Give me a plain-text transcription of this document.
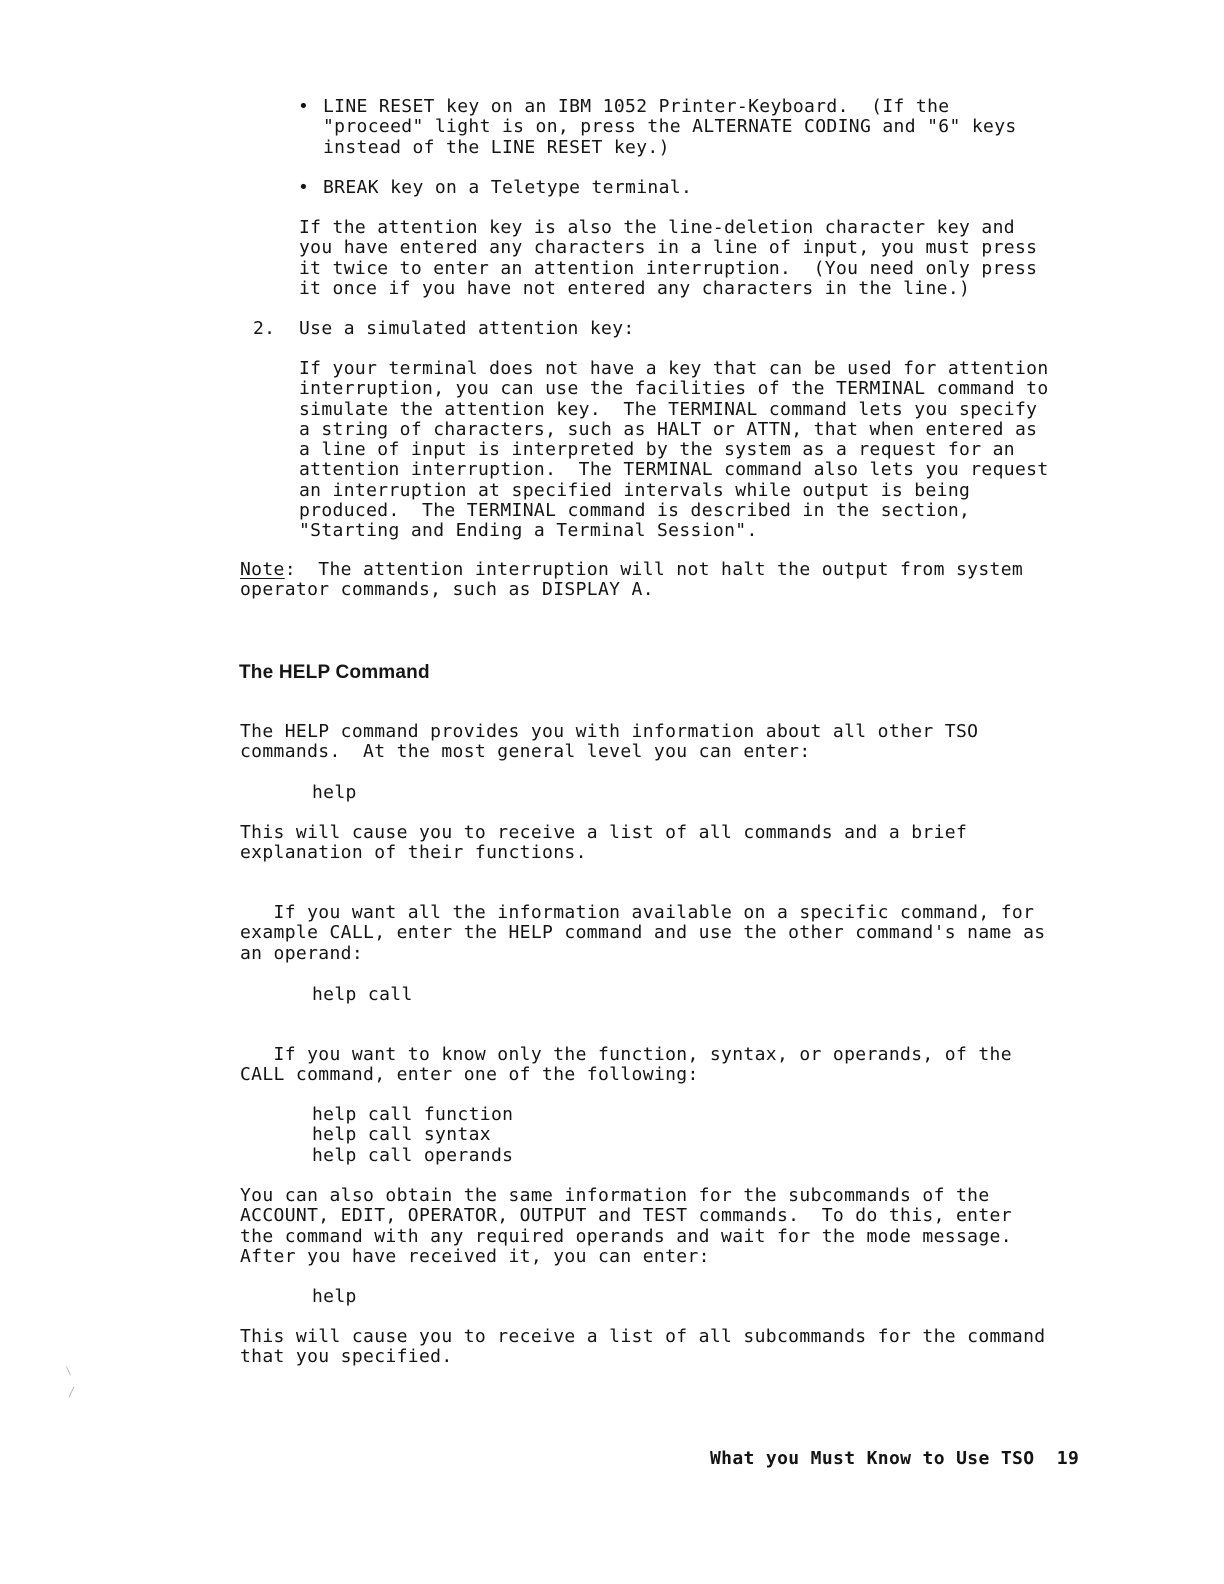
• LINE RESET key on an IBM 1052 Printer-Keyboard.  (If the
"proceed" light is on, press the ALTERNATE CODING and "6" keys
instead of the LINE RESET key.)
• BREAK key on a Teletype terminal.
If the attention key is also the line-deletion character key and
you have entered any characters in a line of input, you must press
it twice to enter an attention interruption.  (You need only press
it once if you have not entered any characters in the line.)
2. Use a simulated attention key:
If your terminal does not have a key that can be used for attention
interruption, you can use the facilities of the TERMINAL command to
simulate the attention key.  The TERMINAL command lets you specify
a string of characters, such as HALT or ATTN, that when entered as
a line of input is interpreted by the system as a request for an
attention interruption.  The TERMINAL command also lets you request
an interruption at specified intervals while output is being
produced.  The TERMINAL command is described in the section,
"Starting and Ending a Terminal Session".
Note:  The attention interruption will not halt the output from system
operator commands, such as DISPLAY A.
The HELP Command
The HELP command provides you with information about all other TSO
commands.  At the most general level you can enter:
help
This will cause you to receive a list of all commands and a brief
explanation of their functions.
If you want all the information available on a specific command, for
example CALL, enter the HELP command and use the other command's name as
an operand:
help call
If you want to know only the function, syntax, or operands, of the
CALL command, enter one of the following:
help call function
help call syntax
help call operands
You can also obtain the same information for the subcommands of the
ACCOUNT, EDIT, OPERATOR, OUTPUT and TEST commands.  To do this, enter
the command with any required operands and wait for the mode message.
After you have received it, you can enter:
help
This will cause you to receive a list of all subcommands for the command
that you specified.
What you Must Know to Use TSO 19
